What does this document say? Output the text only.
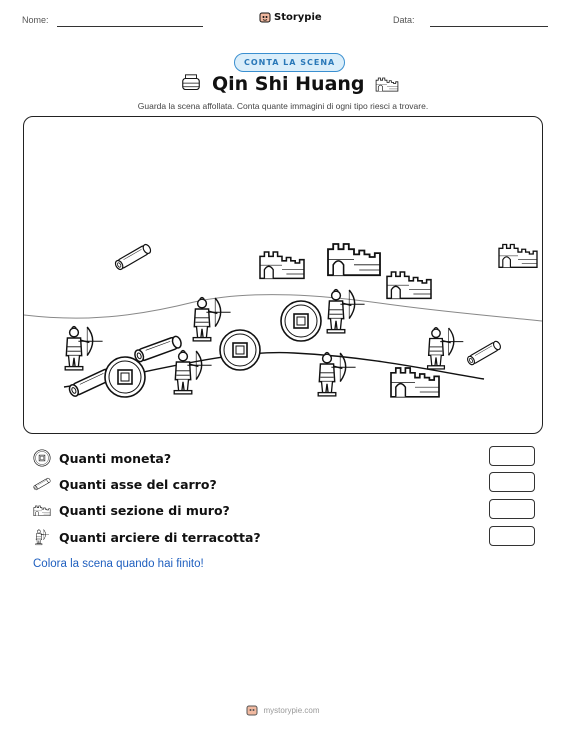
Nome:	Storypie	Data:
CONTA LA SCENA
Qin Shi Huang
Guarda la scena affollata. Conta quante immagini di ogni tipo riesci a trovare.
Quanti moneta?
Quanti asse del carro?
Quanti sezione di muro?
Quanti arciere di terracotta?
Colora la scena quando hai finito!
mystorypie.com
